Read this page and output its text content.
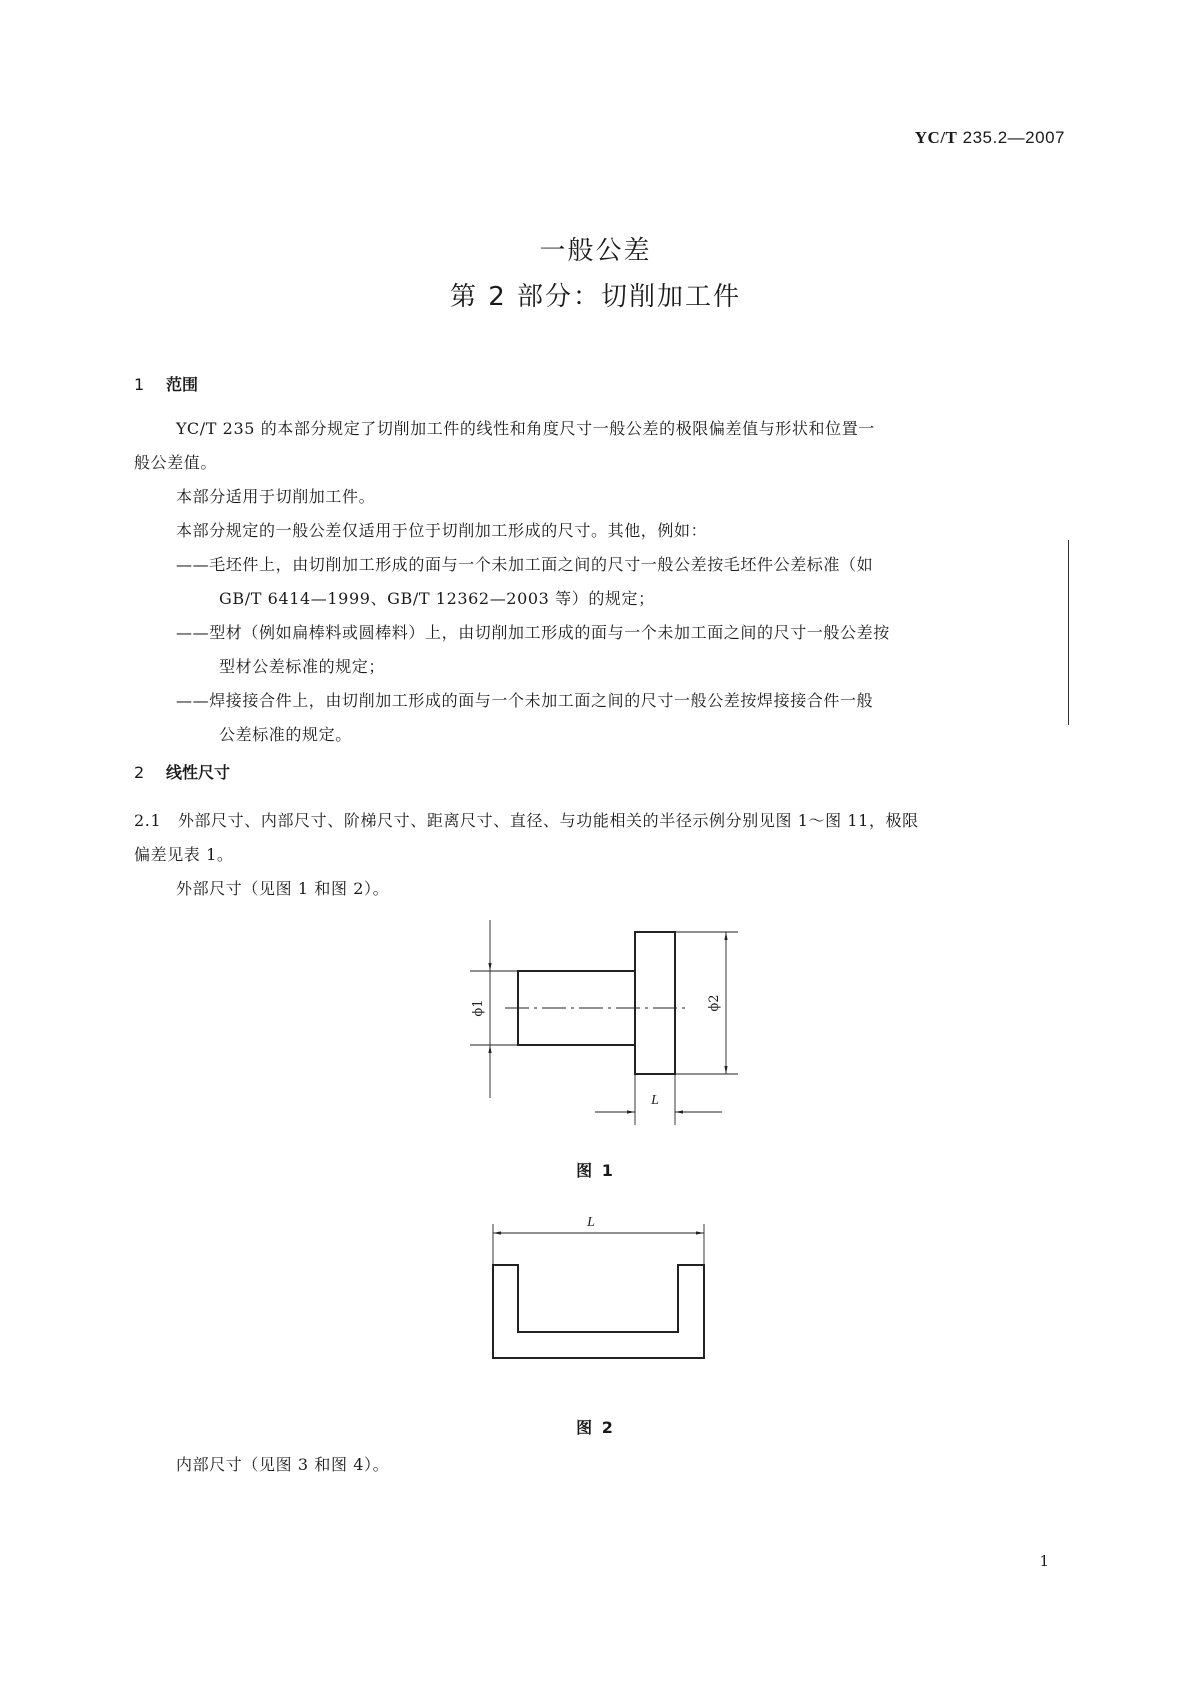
YC/T 235.2—2007
一般公差
第 2 部分：切削加工件
1 范围
YC/T 235 的本部分规定了切削加工件的线性和角度尺寸一般公差的极限偏差值与形状和位置一
般公差值。
本部分适用于切削加工件。
本部分规定的一般公差仅适用于位于切削加工形成的尺寸。其他，例如：
——毛坯件上，由切削加工形成的面与一个未加工面之间的尺寸一般公差按毛坯件公差标准（如
GB/T 6414—1999、GB/T 12362—2003 等）的规定；
——型材（例如扁棒料或圆棒料）上，由切削加工形成的面与一个未加工面之间的尺寸一般公差按
型材公差标准的规定；
——焊接接合件上，由切削加工形成的面与一个未加工面之间的尺寸一般公差按焊接接合件一般
公差标准的规定。
2 线性尺寸
2.1　外部尺寸、内部尺寸、阶梯尺寸、距离尺寸、直径、与功能相关的半径示例分别见图 1～图 11，极限
偏差见表 1。
外部尺寸（见图 1 和图 2）。
ϕ1	ϕ2
L
L
图 1
图 2
内部尺寸（见图 3 和图 4）。
1
